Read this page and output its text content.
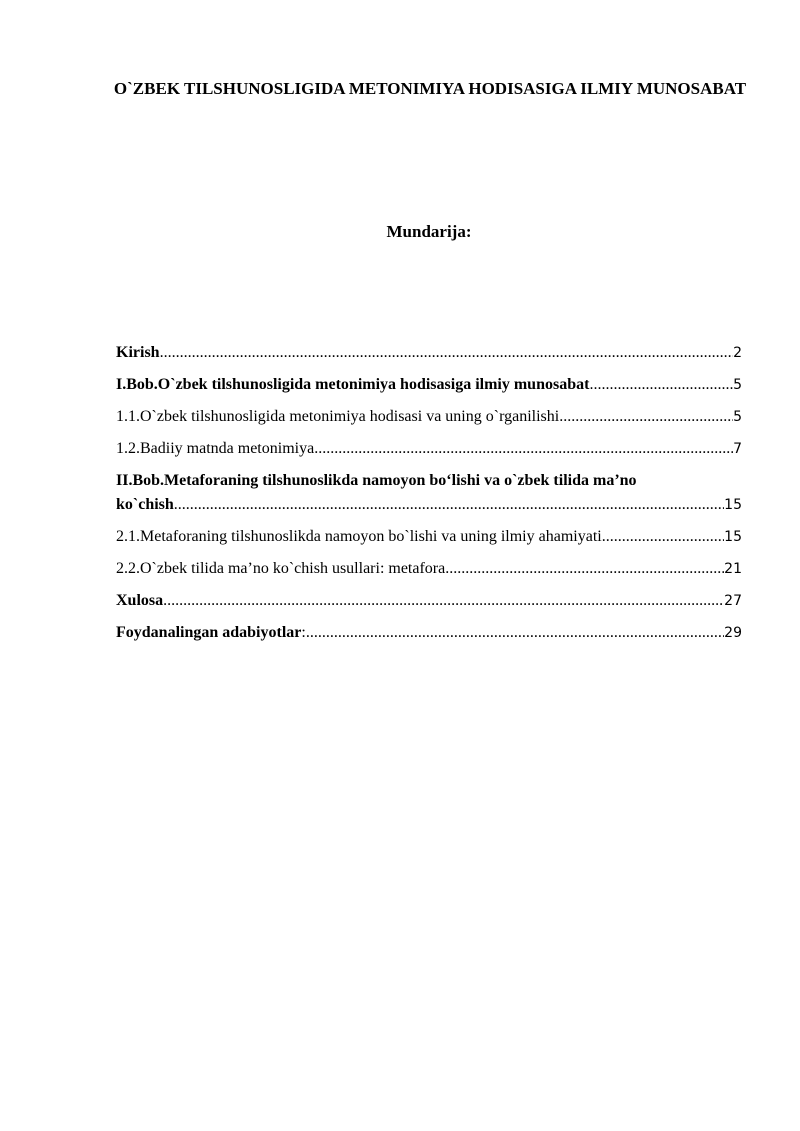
O`ZBEK TILSHUNOSLIGIDA METONIMIYA HODISASIGA ILMIY MUNOSABAT
Mundarija:
Kirish .....	2
I.Bob.O`zbek tilshunosligida metonimiya hodisasiga ilmiy munosabat .....	5
1.1.O`zbek tilshunosligida metonimiya hodisasi va uning o`rganilishi .....	5
1.2.Badiiy matnda metonimiya .....	7
II.Bob.Metaforaning tilshunoslikda namoyon bo‘lishi va o`zbek tilida ma’no
ko`chish .....	15
2.1.Metaforaning tilshunoslikda namoyon bo`lishi va uning ilmiy ahamiyati .....	15
2.2.O`zbek tilida ma’no ko`chish usullari: metafora .....	21
Xulosa .....	27
Foydanalingan adabiyotlar : .....	29
